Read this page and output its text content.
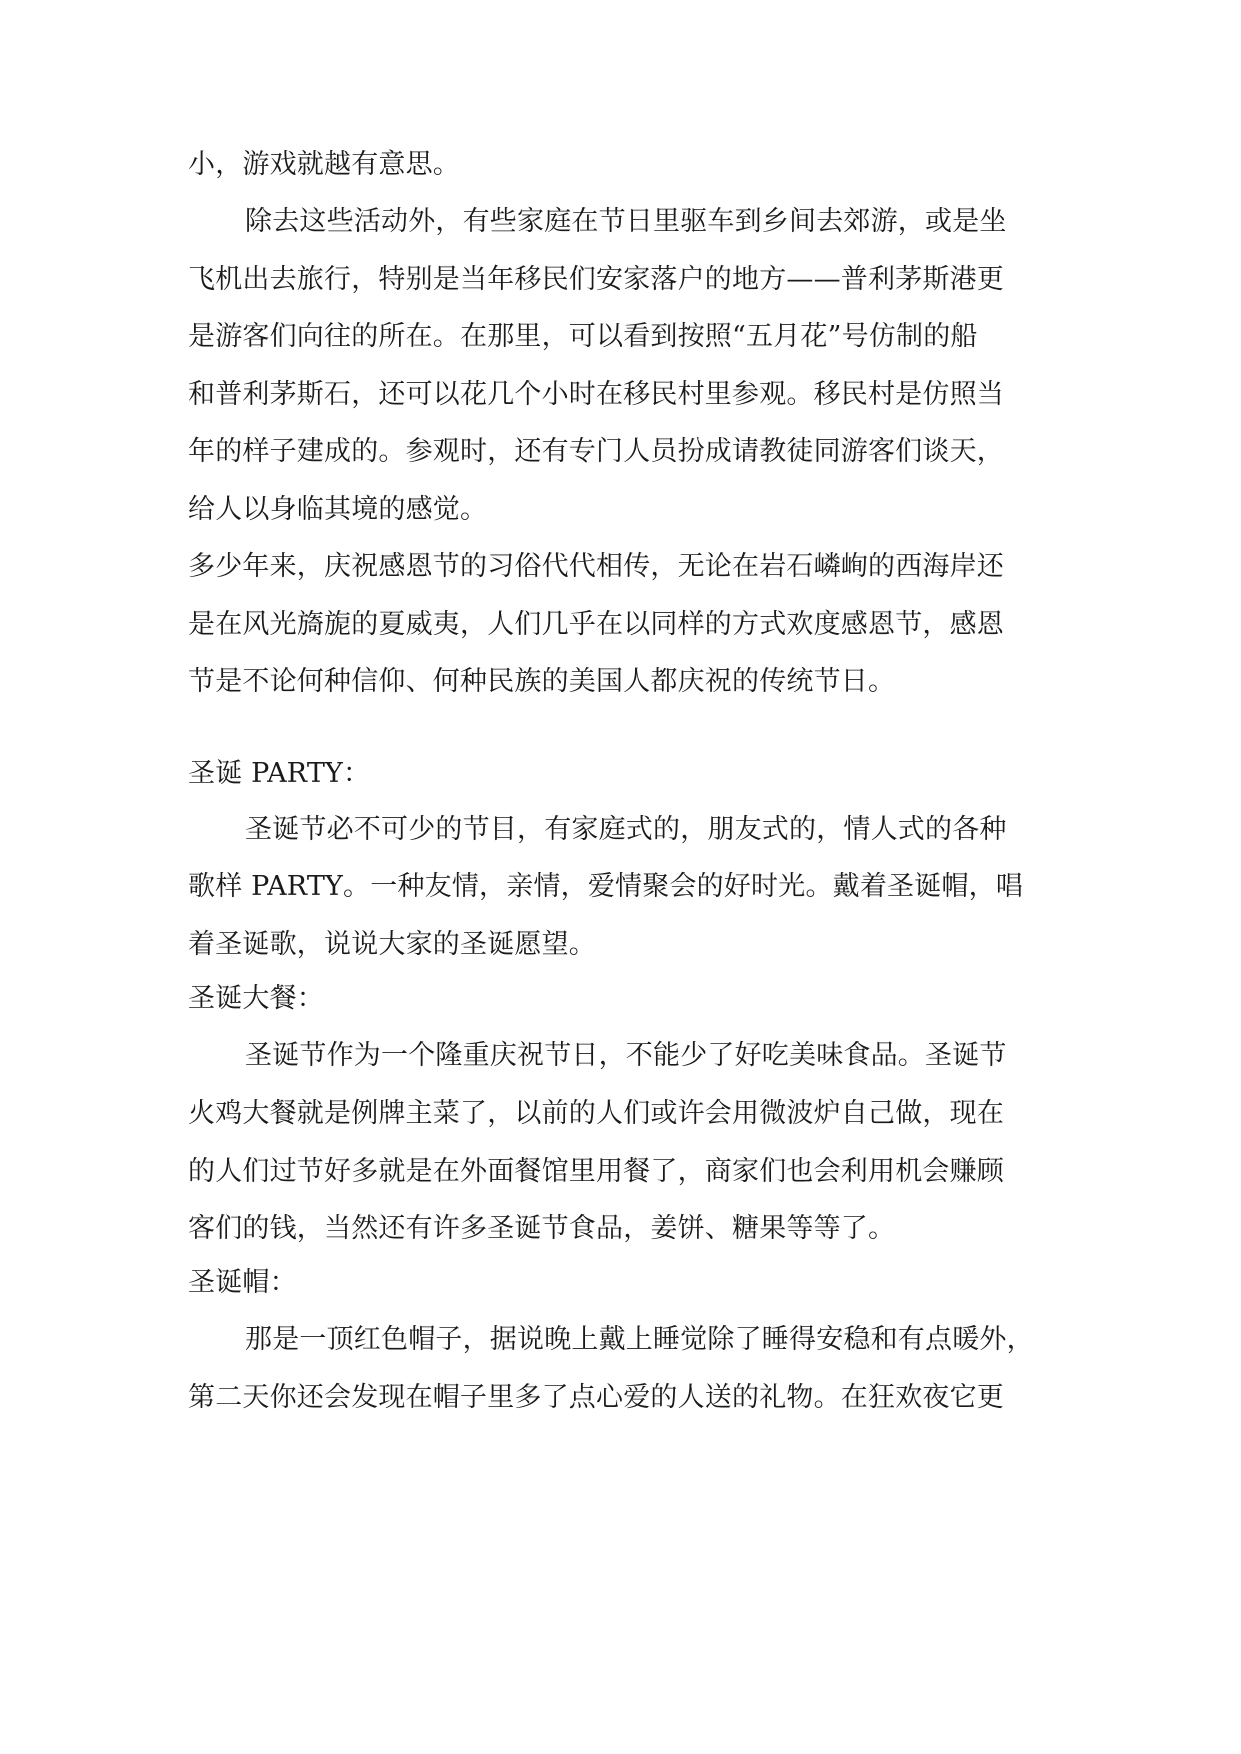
小，游戏就越有意思。
除去这些活动外，有些家庭在节日里驱车到乡间去郊游，或是坐
飞机出去旅行，特别是当年移民们安家落户的地方——普利茅斯港更
是游客们向往的所在。在那里，可以看到按照“五月花”号仿制的船
和普利茅斯石，还可以花几个小时在移民村里参观。移民村是仿照当
年的样子建成的。参观时，还有专门人员扮成请教徒同游客们谈天，
给人以身临其境的感觉。
多少年来，庆祝感恩节的习俗代代相传，无论在岩石嶙峋的西海岸还
是在风光旖旎的夏威夷，人们几乎在以同样的方式欢度感恩节，感恩
节是不论何种信仰、何种民族的美国人都庆祝的传统节日。
圣诞 PARTY：
圣诞节必不可少的节目，有家庭式的，朋友式的，情人式的各种
歌样 PARTY。一种友情，亲情，爱情聚会的好时光。戴着圣诞帽，唱
着圣诞歌，说说大家的圣诞愿望。
圣诞大餐：
圣诞节作为一个隆重庆祝节日，不能少了好吃美味食品。圣诞节
火鸡大餐就是例牌主菜了，以前的人们或许会用微波炉自己做，现在
的人们过节好多就是在外面餐馆里用餐了，商家们也会利用机会赚顾
客们的钱，当然还有许多圣诞节食品，姜饼、糖果等等了。
圣诞帽：
那是一顶红色帽子，据说晚上戴上睡觉除了睡得安稳和有点暖外，
第二天你还会发现在帽子里多了点心爱的人送的礼物。在狂欢夜它更
